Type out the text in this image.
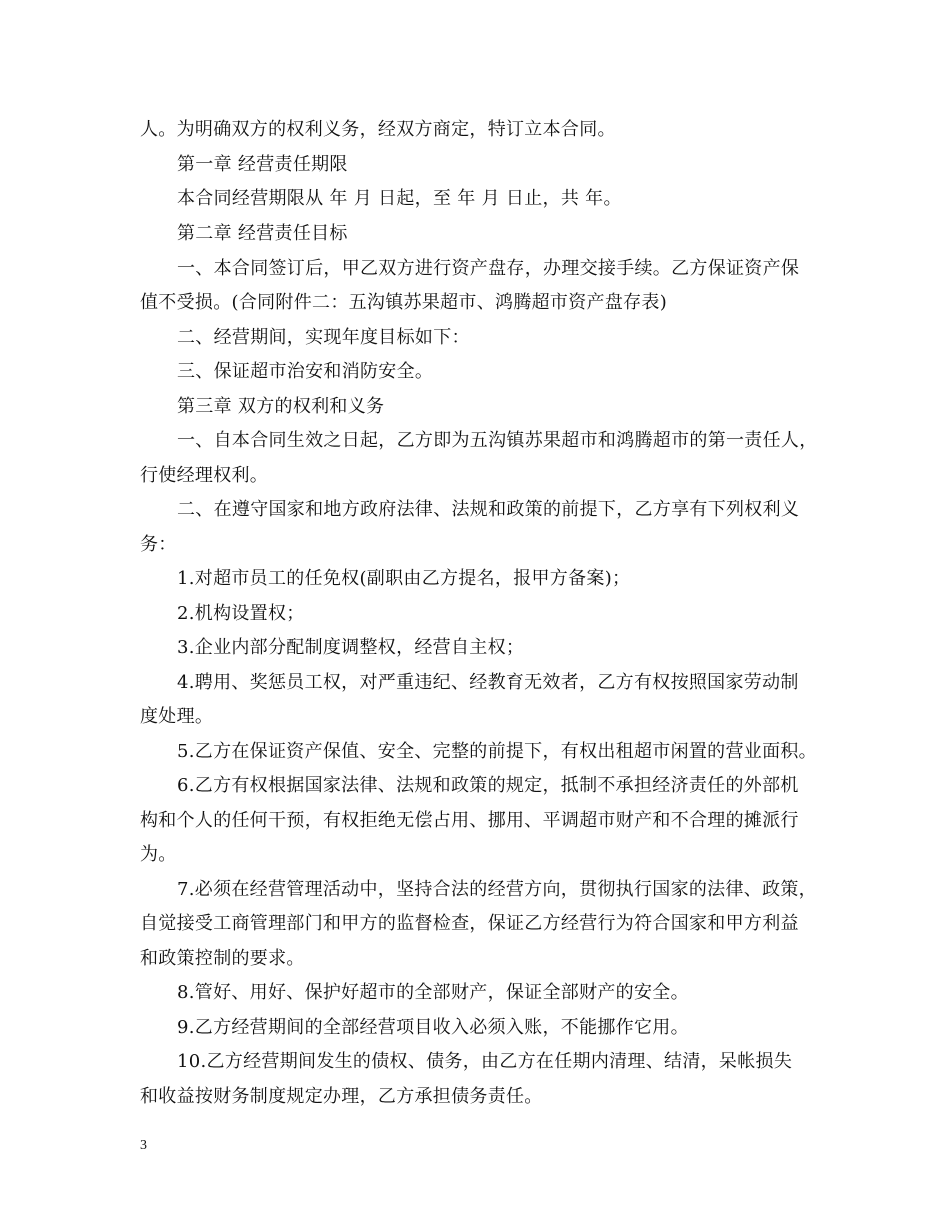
人。为明确双方的权利义务，经双方商定，特订立本合同。
第一章 经营责任期限
本合同经营期限从 年 月 日起，至 年 月 日止，共 年。
第二章 经营责任目标
一、本合同签订后，甲乙双方进行资产盘存，办理交接手续。乙方保证资产保
值不受损。(合同附件二：五沟镇苏果超市、鸿腾超市资产盘存表)
二、经营期间，实现年度目标如下：
三、保证超市治安和消防安全。
第三章 双方的权利和义务
一、自本合同生效之日起，乙方即为五沟镇苏果超市和鸿腾超市的第一责任人，
行使经理权利。
二、在遵守国家和地方政府法律、法规和政策的前提下，乙方享有下列权利义
务：
1.对超市员工的任免权(副职由乙方提名，报甲方备案)；
2.机构设置权；
3.企业内部分配制度调整权，经营自主权；
4.聘用、奖惩员工权，对严重违纪、经教育无效者，乙方有权按照国家劳动制
度处理。
5.乙方在保证资产保值、安全、完整的前提下，有权出租超市闲置的营业面积。
6.乙方有权根据国家法律、法规和政策的规定，抵制不承担经济责任的外部机
构和个人的任何干预，有权拒绝无偿占用、挪用、平调超市财产和不合理的摊派行
为。
7.必须在经营管理活动中，坚持合法的经营方向，贯彻执行国家的法律、政策，
自觉接受工商管理部门和甲方的监督检查，保证乙方经营行为符合国家和甲方利益
和政策控制的要求。
8.管好、用好、保护好超市的全部财产，保证全部财产的安全。
9.乙方经营期间的全部经营项目收入必须入账，不能挪作它用。
10.乙方经营期间发生的债权、债务，由乙方在任期内清理、结清，呆帐损失
和收益按财务制度规定办理，乙方承担债务责任。
3
